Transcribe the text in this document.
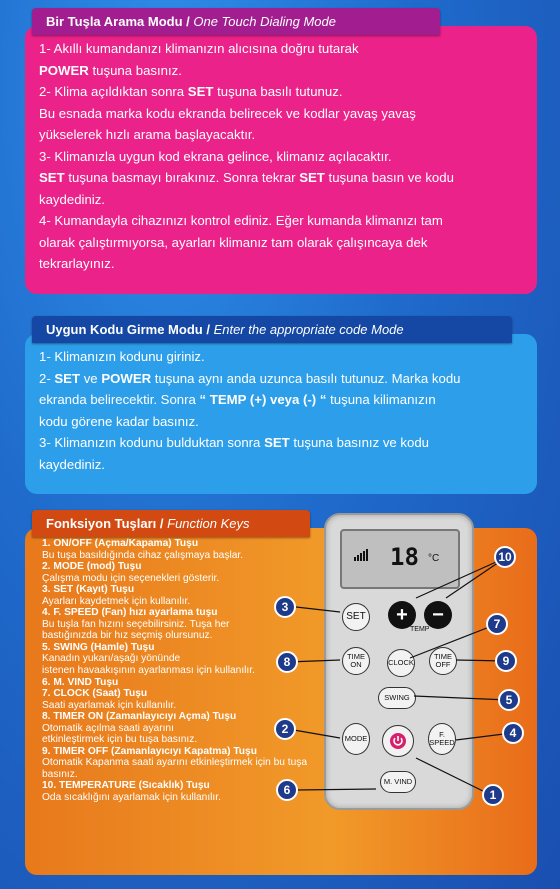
1- Akıllı kumandanızı klimanızın alıcısına doğru tutarak

POWER tuşuna basınız.

2- Klima açıldıktan sonra SET tuşuna basılı tutunuz.

Bu esnada marka kodu ekranda belirecek ve kodlar yavaş yavaş

yükselerek hızlı arama başlayacaktır.

3- Klimanızla uygun kod ekrana gelince, klimanız açılacaktır.

SET tuşuna basmayı bırakınız. Sonra tekrar SET tuşuna basın ve kodu

kaydediniz.

4- Kumandayla cihazınızı kontrol ediniz. Eğer kumanda klimanızı tam

olarak çalıştırmıyorsa, ayarları klimanız tam olarak çalışıncaya dek

tekrarlayınız.

Bir Tuşla Arama Modu / One Touch Dialing Mode

1- Klimanızın kodunu giriniz.

2- SET ve POWER tuşuna aynı anda uzunca basılı tutunuz. Marka kodu

ekranda belirecektir. Sonra “ TEMP (+) veya (-) “ tuşuna kilimanızın

kodu görene kadar basınız.

3- Klimanızın kodunu bulduktan sonra SET tuşuna basınız ve kodu

kaydediniz.

Uygun Kodu Girme Modu / Enter the appropriate code Mode
1. ON/OFF (Açma/Kapama) Tuşu
Bu tuşa basıldığında cihaz çalışmaya başlar.
2. MODE (mod) Tuşu
Çalışma modu için seçenekleri gösterir.
3. SET (Kayıt) Tuşu
Ayarları kaydetmek için kullanılır.
4. F. SPEED (Fan) hızı ayarlama tuşu
Bu tuşla fan hızını seçebilirsiniz. Tuşa her
bastığınızda bir hız seçmiş olursunuz.
5. SWING (Hamle) Tuşu
Kanadın yukarı/aşağı yönünde
istenen havaakışının ayarlanması için kullanılır.
6. M. VIND Tuşu
7. CLOCK (Saat) Tuşu
Saati ayarlamak için kullanılır.
8. TIMER ON (Zamanlayıcıyı Açma) Tuşu
Otomatik açılma saati ayarını
etkinleştirmek için bu tuşa basınız.
9. TIMER OFF (Zamanlayıcıyı Kapatma) Tuşu
Otomatik Kapanma saati ayarını etkinleştirmek için bu tuşa basınız.
10. TEMPERATURE (Sıcaklık) Tuşu
Oda sıcaklığını ayarlamak için kullanılır.
Fonksiyon Tuşları / Function Keys
18 °C
SET	+	−
TEMP
TIME ON	CLOCK
TIME OFF
SWING
MODE	F. SPEED
M. VIND
10
3
7
8	9
5
2	4
6	1
